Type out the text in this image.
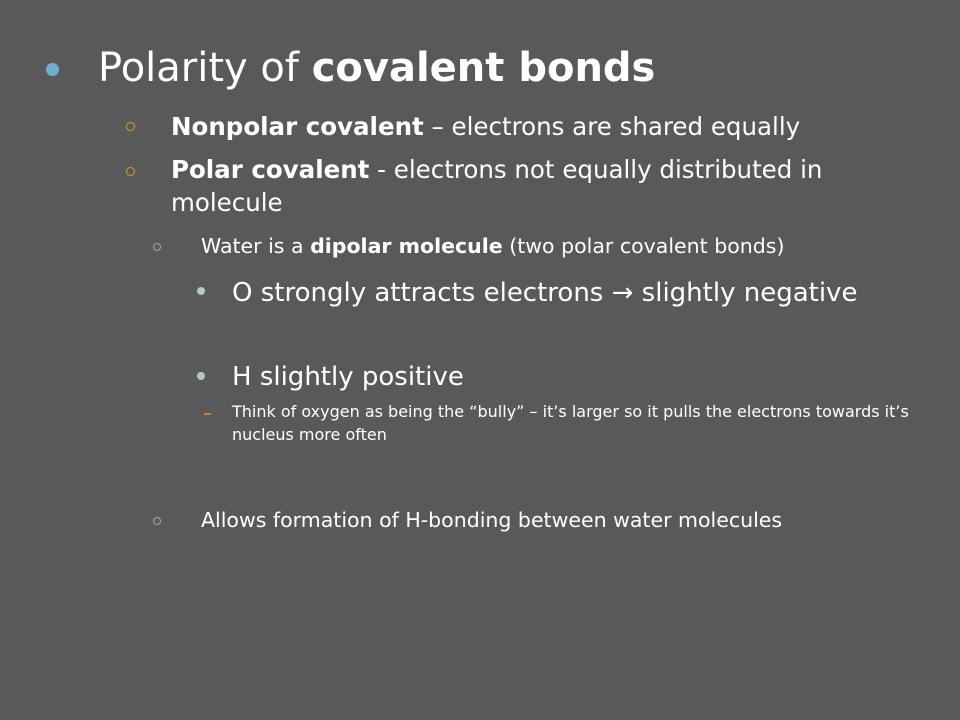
Polarity of covalent bonds

Nonpolar covalent – electrons are shared equally

Polar covalent - electrons not equally distributed in molecule

Water is a dipolar molecule (two polar covalent bonds)

O strongly attracts electrons → slightly negative

H slightly positive

Think of oxygen as being the “bully” – it’s larger so it pulls the electrons towards it’s nucleus more often

Allows formation of H-bonding between water molecules
